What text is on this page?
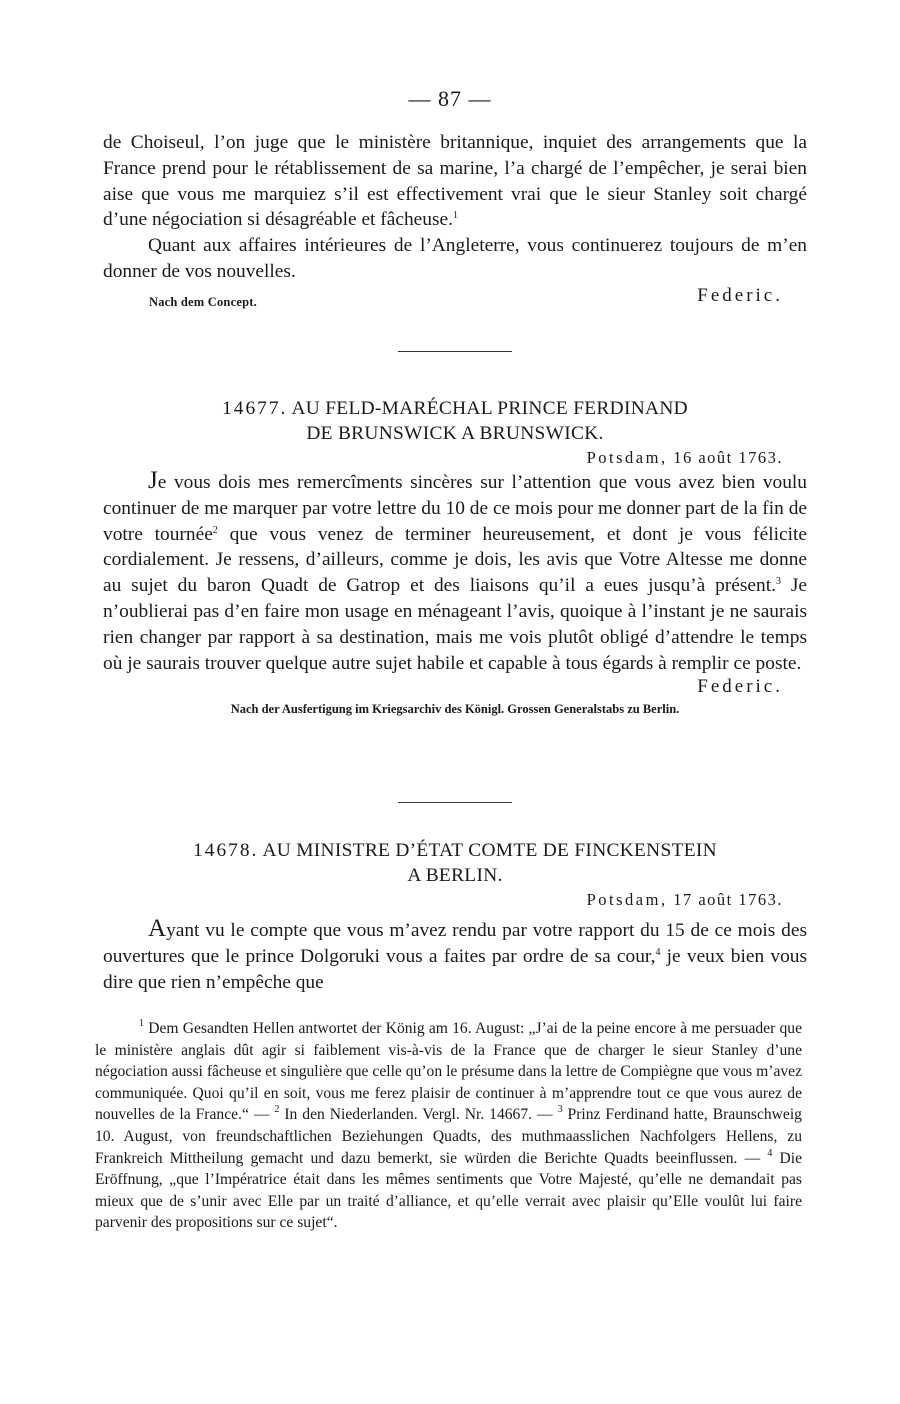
— 87 —

de Choiseul, l’on juge que le ministère britannique, inquiet des arrangements que la France prend pour le rétablissement de sa marine, l’a chargé de l’empêcher, je serai bien aise que vous me marquiez s’il est effectivement vrai que le sieur Stanley soit chargé d’une négociation si désagréable et fâcheuse.$^1$

Quant aux affaires intérieures de l’Angleterre, vous continuerez toujours de m’en donner de vos nouvelles.

Nach dem Concept.	Federic.

14677. AU FELD-MARÉCHAL PRINCE FERDINAND

DE BRUNSWICK A BRUNSWICK.

Potsdam, 16 août 1763.

Je vous dois mes remercîments sincères sur l’attention que vous avez bien voulu continuer de me marquer par votre lettre du 10 de ce mois pour me donner part de la fin de votre tournée$^2$ que vous venez de terminer heureusement, et dont je vous félicite cordialement. Je ressens, d’ailleurs, comme je dois, les avis que Votre Altesse me donne au sujet du baron Quadt de Gatrop et des liaisons qu’il a eues jusqu’à présent.$^3$ Je n’oublierai pas d’en faire mon usage en ménageant l’avis, quoique à l’instant je ne saurais rien changer par rapport à sa destination, mais me vois plutôt obligé d’attendre le temps où je saurais trouver quelque autre sujet habile et capable à tous égards à remplir ce poste.

Federic.
Nach der Ausfertigung im Kriegsarchiv des Königl. Grossen Generalstabs zu Berlin.

14678. AU MINISTRE D’ÉTAT COMTE DE FINCKENSTEIN

A BERLIN.

Potsdam, 17 août 1763.

Ayant vu le compte que vous m’avez rendu par votre rapport du 15 de ce mois des ouvertures que le prince Dolgoruki vous a faites par ordre de sa cour,$^4$ je veux bien vous dire que rien n’empêche que

$^1$ Dem Gesandten Hellen antwortet der König am 16. August: „J’ai de la peine encore à me persuader que le ministère anglais dût agir si faiblement vis-à-vis de la France que de charger le sieur Stanley d’une négociation aussi fâcheuse et singulière que celle qu’on le présume dans la lettre de Compiègne que vous m’avez communiquée. Quoi qu’il en soit, vous me ferez plaisir de continuer à m’apprendre tout ce que vous aurez de nouvelles de la France.“ — $^2$ In den Niederlanden. Vergl. Nr. 14667. — $^3$ Prinz Ferdinand hatte, Braunschweig 10. August, von freundschaftlichen Beziehungen Quadts, des muthmaasslichen Nachfolgers Hellens, zu Frankreich Mittheilung gemacht und dazu bemerkt, sie würden die Berichte Quadts beeinflussen. — $^4$ Die Eröffnung, „que l’Impératrice était dans les mêmes sentiments que Votre Majesté, qu’elle ne demandait pas mieux que de s’unir avec Elle par un traité d’alliance, et qu’elle verrait avec plaisir qu’Elle voulût lui faire parvenir des propositions sur ce sujet“.
